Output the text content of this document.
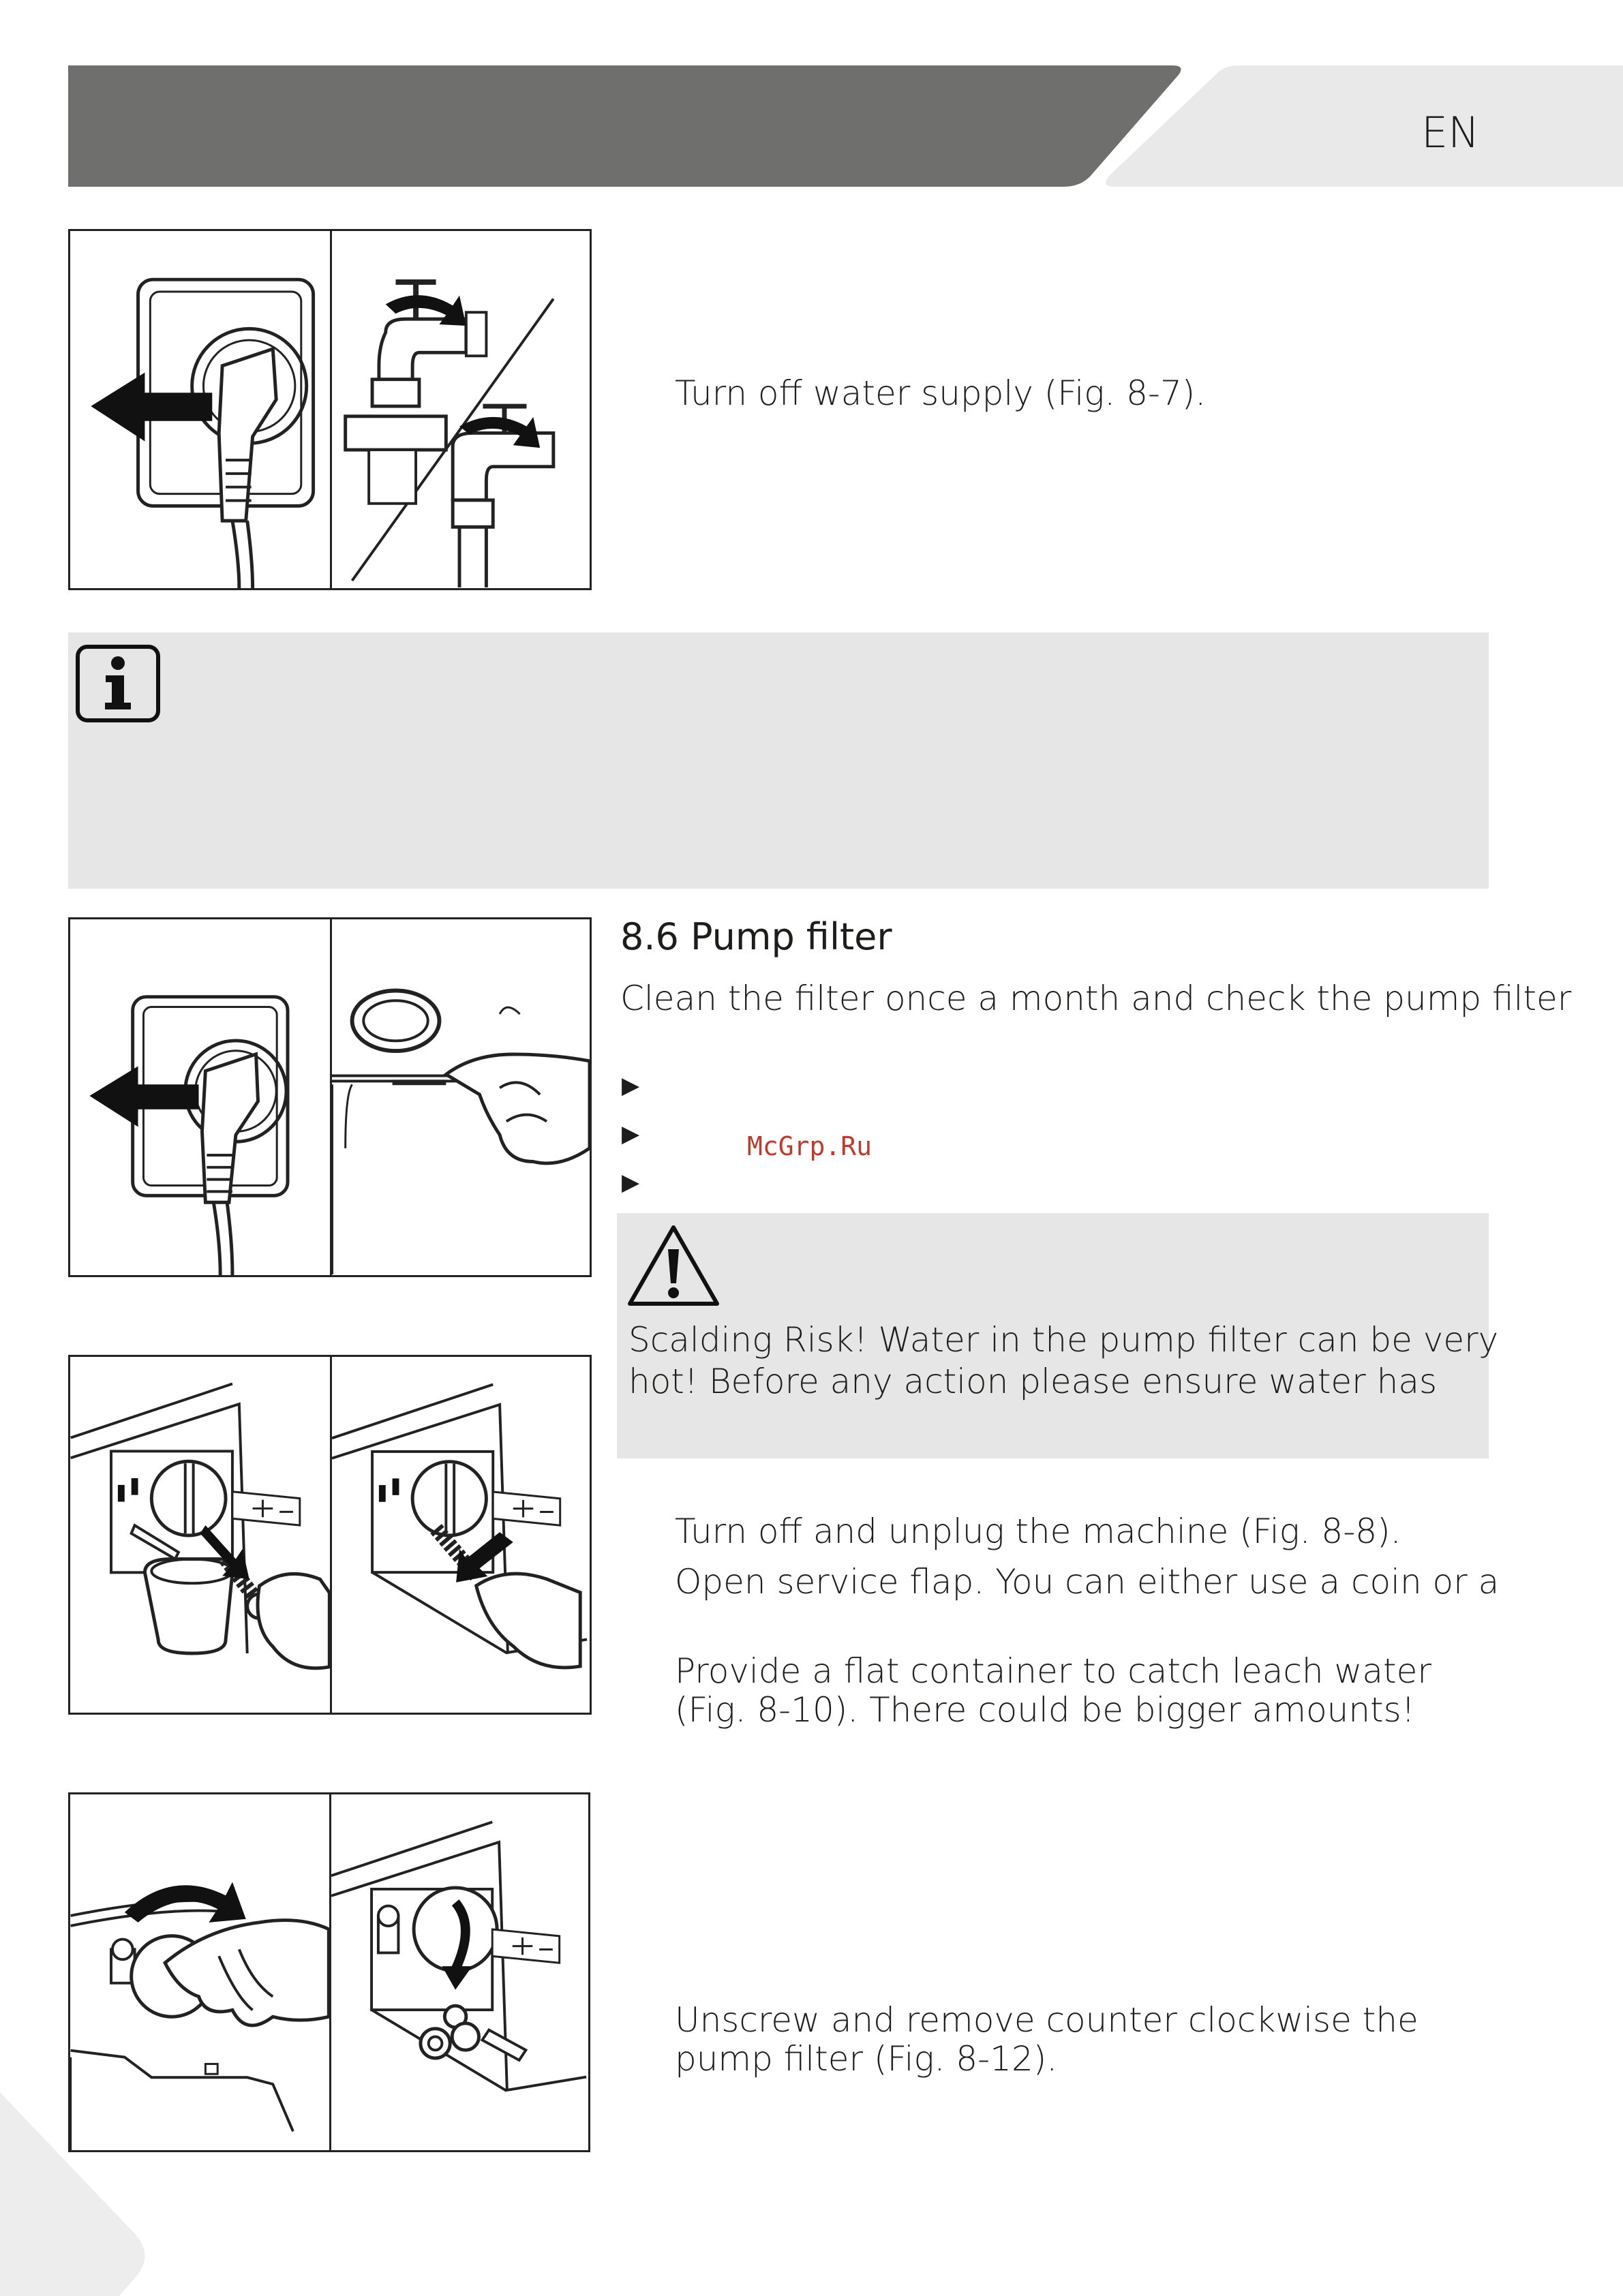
EN
Turn off water supply (Fig. 8-7).
8.6 Pump filter
Clean the filter once a month and check the pump filter
▶
▶
▶
McGrp.Ru
Scalding Risk! Water in the pump filter can be very
hot! Before any action please ensure water has
Turn off and unplug the machine (Fig. 8-8).
Open service flap. You can either use a coin or a
Provide a flat container to catch leach water
(Fig. 8-10). There could be bigger amounts!
Unscrew and remove counter clockwise the
pump filter (Fig. 8-12).
